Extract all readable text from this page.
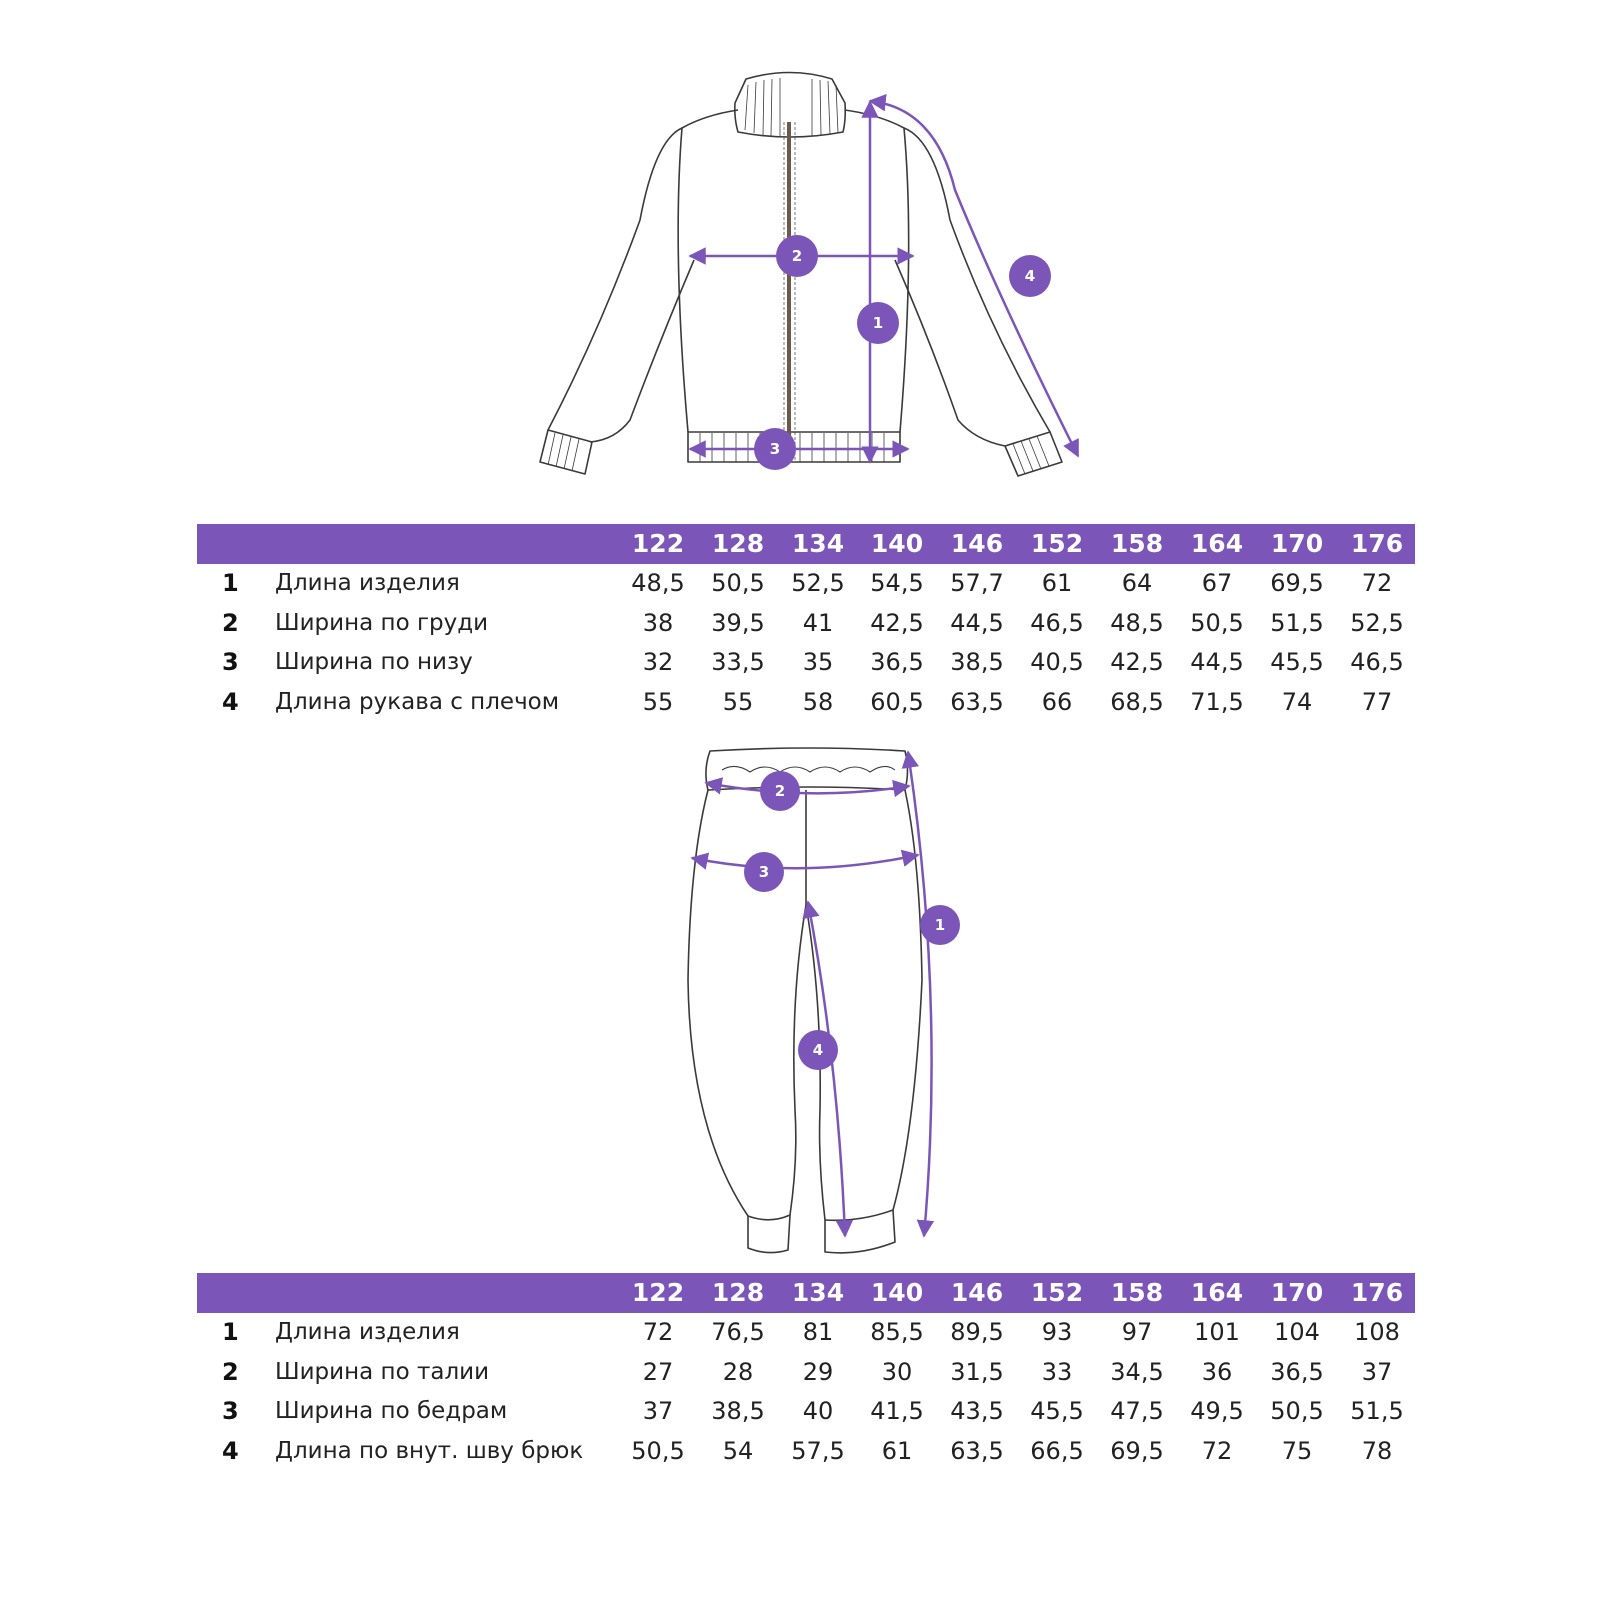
1
2
3
4
122	128	134	140	146	152	158	164	170	176
1 Длина изделия	48,5	50,5	52,5	54,5	57,7	61	64	67	69,5	72
2 Ширина по груди	38	39,5	41	42,5	44,5	46,5	48,5	50,5	51,5	52,5
3 Ширина по низу	32	33,5	35	36,5	38,5	40,5	42,5	44,5	45,5	46,5
4 Длина рукава с плечом	55	55	58	60,5	63,5	66	68,5	71,5	74	77
1
2
3
4
122	128	134	140	146	152	158	164	170	176
1 Длина изделия	72	76,5	81	85,5	89,5	93	97	101	104	108
2 Ширина по талии	27	28	29	30	31,5	33	34,5	36	36,5	37
3 Ширина по бедрам	37	38,5	40	41,5	43,5	45,5	47,5	49,5	50,5	51,5
4 Длина по внут. шву брюк	50,5	54	57,5	61	63,5	66,5	69,5	72	75	78
